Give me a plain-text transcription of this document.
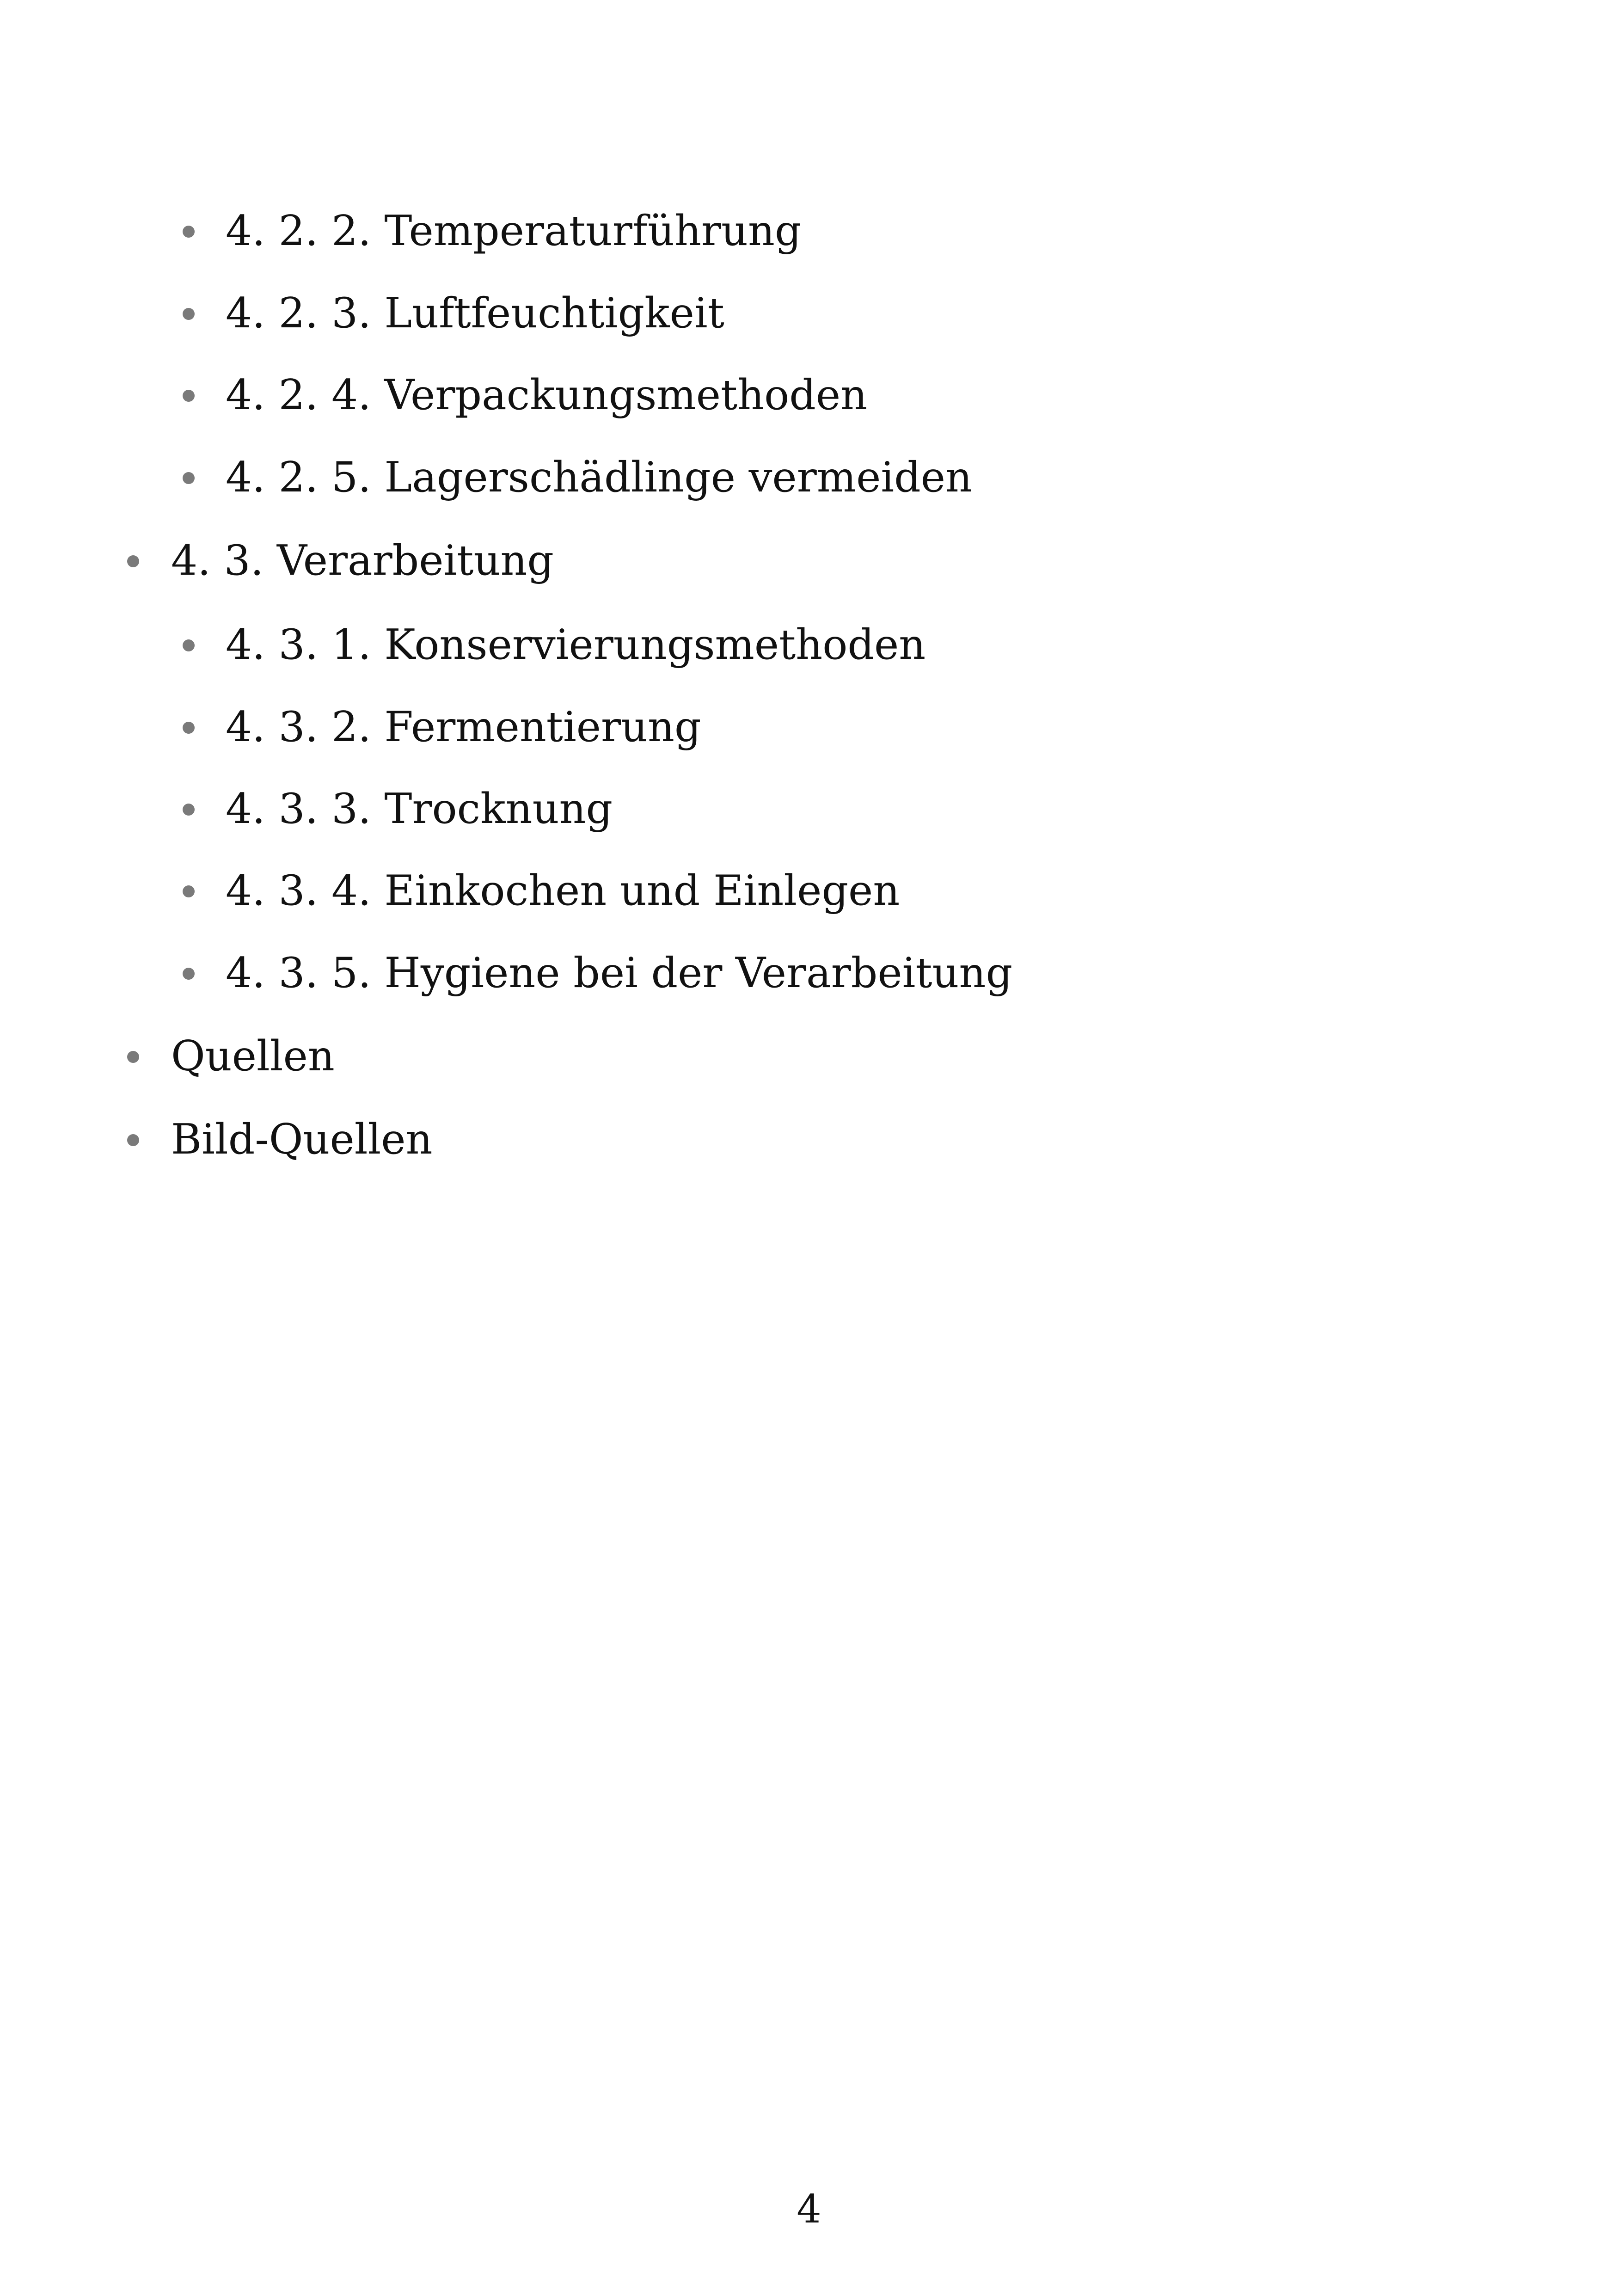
4. 2. 2. Temperaturführung
4. 2. 3. Luftfeuchtigkeit
4. 2. 4. Verpackungsmethoden
4. 2. 5. Lagerschädlinge vermeiden
4. 3. Verarbeitung
4. 3. 1. Konservierungsmethoden
4. 3. 2. Fermentierung
4. 3. 3. Trocknung
4. 3. 4. Einkochen und Einlegen
4. 3. 5. Hygiene bei der Verarbeitung
Quellen
Bild-Quellen
4
